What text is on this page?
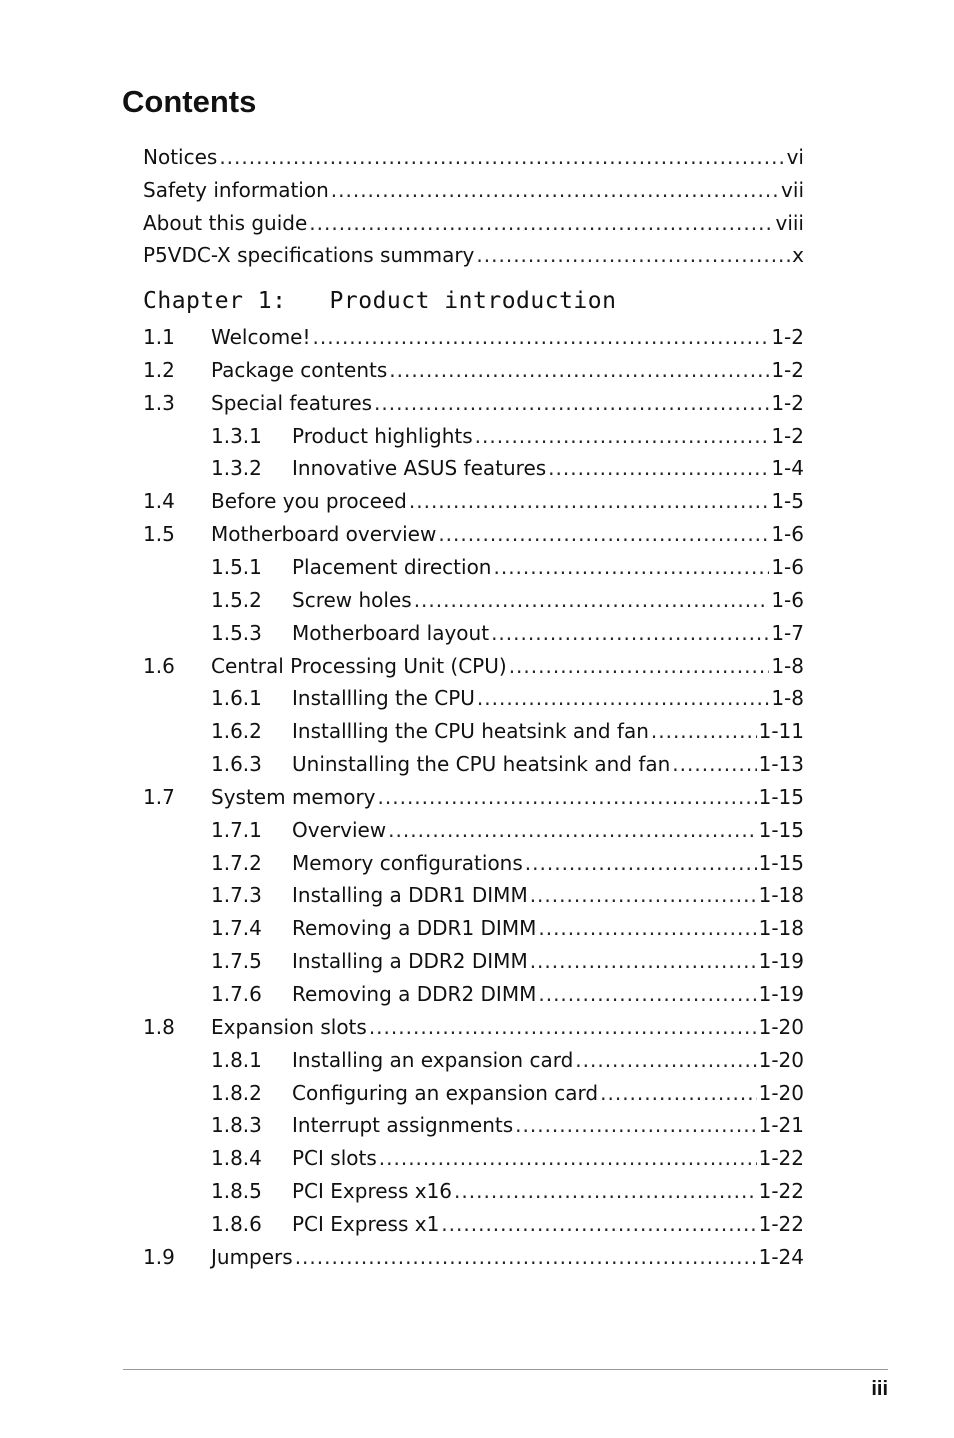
Contents
Notices .....	vi
Safety information .....	vii
About this guide .....	viii
P5VDC-X specifications summary .....	x
Chapter 1: Product introduction
1.1	Welcome! .....	1-2
1.2	Package contents .....	1-2
1.3	Special features .....	1-2
1.3.1	Product highlights .....	1-2
1.3.2	Innovative ASUS features .....	1-4
1.4	Before you proceed .....	1-5
1.5	Motherboard overview .....	1-6
1.5.1	Placement direction .....	1-6
1.5.2	Screw holes .....	1-6
1.5.3	Motherboard layout .....	1-7
1.6	Central Processing Unit (CPU) .....	1-8
1.6.1	Installling the CPU .....	1-8
1.6.2	Installling the CPU heatsink and fan .....	1-11
1.6.3	Uninstalling the CPU heatsink and fan .....	1-13
1.7	System memory .....	1-15
1.7.1	Overview .....	1-15
1.7.2	Memory configurations .....	1-15
1.7.3	Installing a DDR1 DIMM .....	1-18
1.7.4	Removing a DDR1 DIMM .....	1-18
1.7.5	Installing a DDR2 DIMM .....	1-19
1.7.6	Removing a DDR2 DIMM .....	1-19
1.8	Expansion slots .....	1-20
1.8.1	Installing an expansion card .....	1-20
1.8.2	Configuring an expansion card .....	1-20
1.8.3	Interrupt assignments .....	1-21
1.8.4	PCI slots .....	1-22
1.8.5	PCI Express x16 .....	1-22
1.8.6	PCI Express x1 .....	1-22
1.9	Jumpers .....	1-24
iii
